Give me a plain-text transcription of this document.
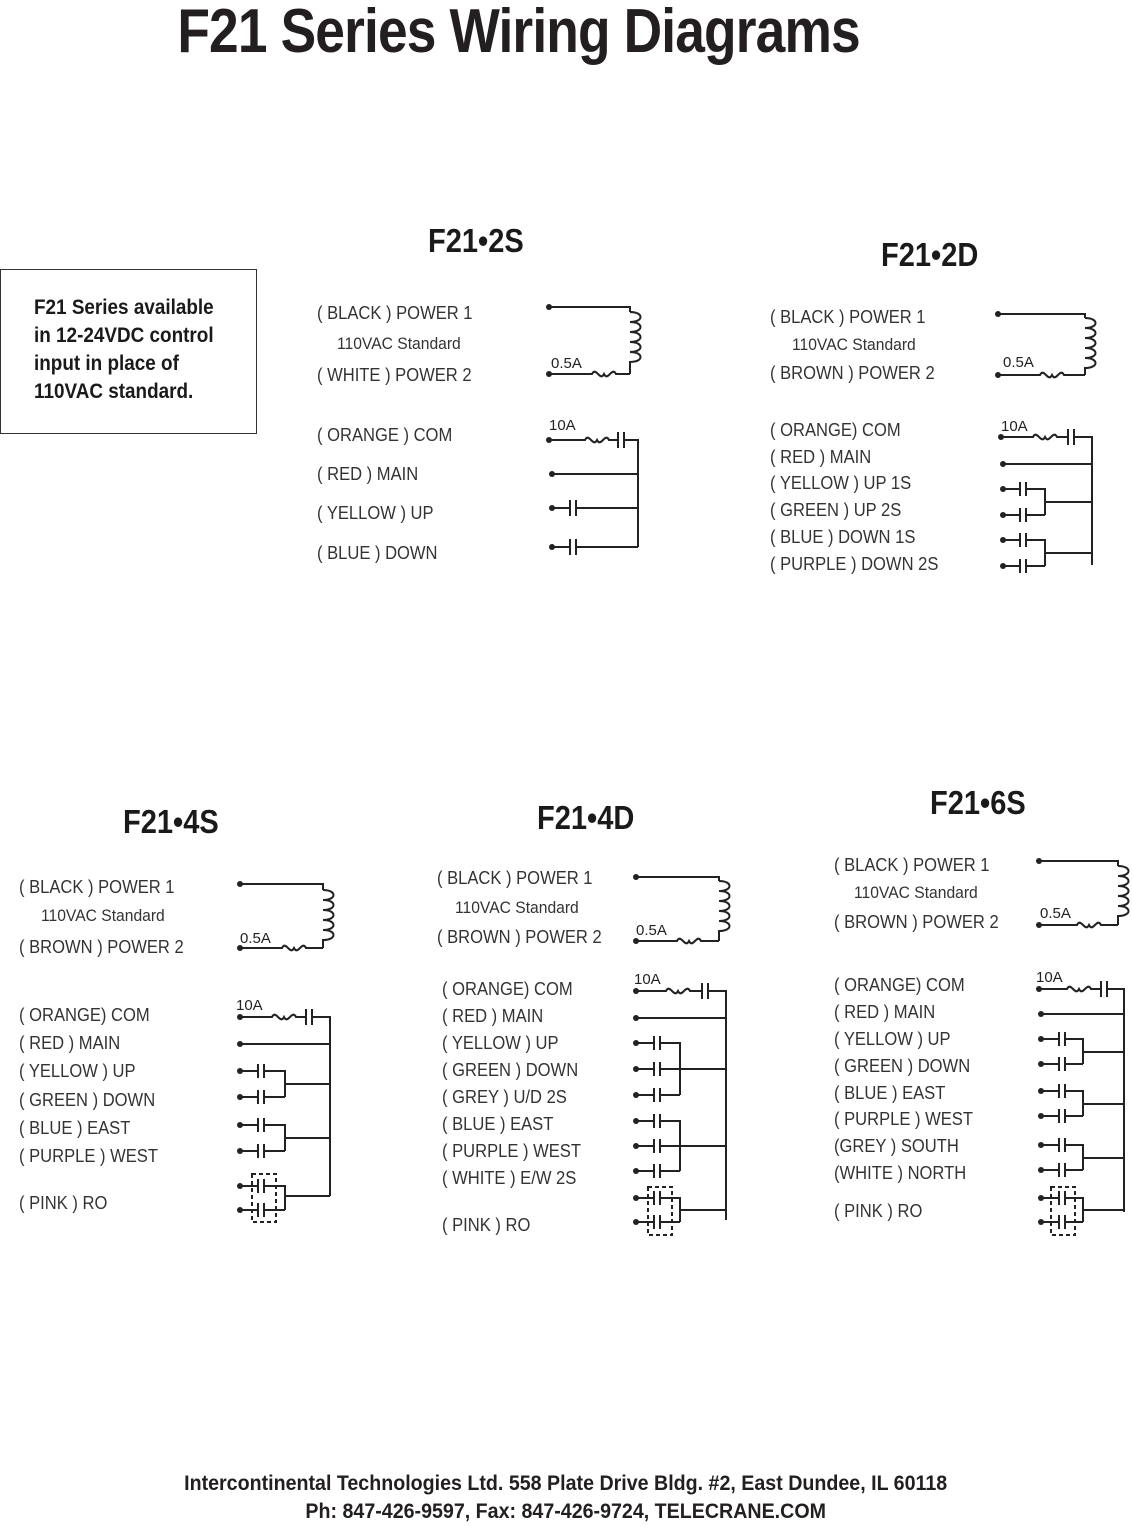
F21 Series Wiring Diagrams
F21 Series available
in 12-24VDC control
input in place of
110VAC standard.
F21•2S
( BLACK ) POWER 1
110VAC Standard
( WHITE ) POWER 2
( ORANGE ) COM
( RED ) MAIN
( YELLOW ) UP
( BLUE ) DOWN
0.5A
10A
F21•2D
( BLACK ) POWER 1
110VAC Standard
( BROWN ) POWER 2
( ORANGE) COM
( RED ) MAIN
( YELLOW ) UP 1S
( GREEN ) UP 2S
( BLUE ) DOWN 1S
( PURPLE ) DOWN 2S
0.5A
10A
F21•4S
( BLACK ) POWER 1
110VAC Standard
( BROWN ) POWER 2
( ORANGE) COM
( RED ) MAIN
( YELLOW ) UP
( GREEN ) DOWN
( BLUE ) EAST
( PURPLE ) WEST
( PINK ) RO
0.5A
10A
F21•4D
( BLACK ) POWER 1
110VAC Standard
( BROWN ) POWER 2
( ORANGE) COM
( RED ) MAIN
( YELLOW ) UP
( GREEN ) DOWN
( GREY ) U/D 2S
( BLUE ) EAST
( PURPLE ) WEST
( WHITE ) E/W 2S
( PINK ) RO
0.5A
10A
F21•6S
( BLACK ) POWER 1
110VAC Standard
( BROWN ) POWER 2
( ORANGE) COM
( RED ) MAIN
( YELLOW ) UP
( GREEN ) DOWN
( BLUE ) EAST
( PURPLE ) WEST
(GREY ) SOUTH
(WHITE ) NORTH
( PINK ) RO
0.5A
10A
Intercontinental Technologies Ltd. 558 Plate Drive Bldg. #2, East Dundee, IL 60118
Ph: 847-426-9597, Fax: 847-426-9724, TELECRANE.COM
